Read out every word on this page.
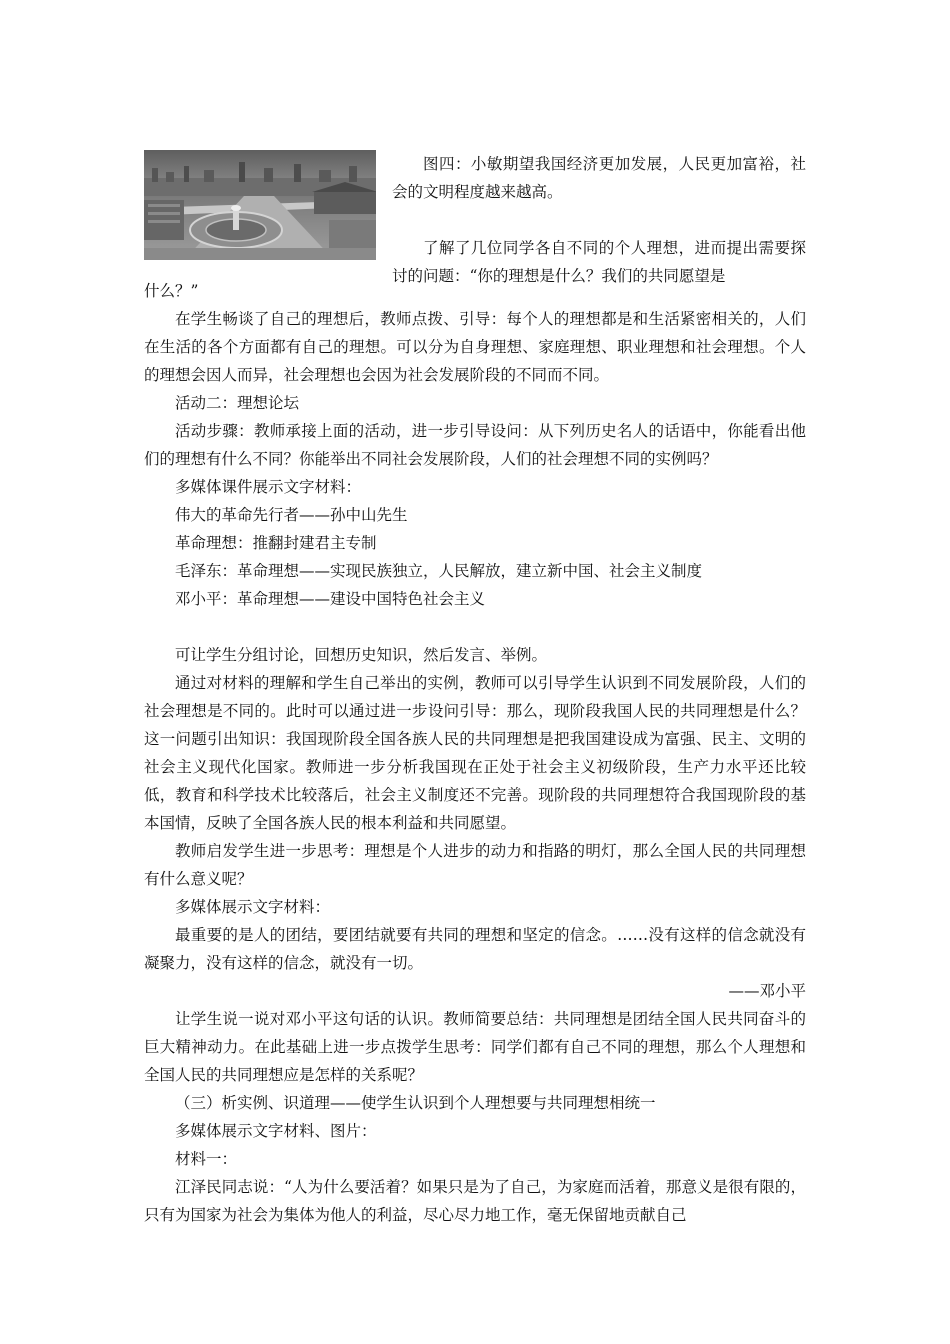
图四：小敏期望我国经济更加发展，人民更加富裕，社会的文明程度越来越高。

了解了几位同学各自不同的个人理想，进而提出需要探讨的问题：“你的理想是什么？我们的共同愿望是

什么？”

在学生畅谈了自己的理想后，教师点拨、引导：每个人的理想都是和生活紧密相关的，人们在生活的各个方面都有自己的理想。可以分为自身理想、家庭理想、职业理想和社会理想。个人的理想会因人而异，社会理想也会因为社会发展阶段的不同而不同。

活动二：理想论坛

活动步骤：教师承接上面的活动，进一步引导设问：从下列历史名人的话语中，你能看出他们的理想有什么不同？你能举出不同社会发展阶段，人们的社会理想不同的实例吗？

多媒体课件展示文字材料：

伟大的革命先行者——孙中山先生

革命理想：推翻封建君主专制

毛泽东：革命理想——实现民族独立，人民解放，建立新中国、社会主义制度

邓小平：革命理想——建设中国特色社会主义

可让学生分组讨论，回想历史知识，然后发言、举例。

通过对材料的理解和学生自己举出的实例，教师可以引导学生认识到不同发展阶段，人们的社会理想是不同的。此时可以通过进一步设问引导：那么，现阶段我国人民的共同理想是什么？这一问题引出知识：我国现阶段全国各族人民的共同理想是把我国建设成为富强、民主、文明的社会主义现代化国家。教师进一步分析我国现在正处于社会主义初级阶段，生产力水平还比较低，教育和科学技术比较落后，社会主义制度还不完善。现阶段的共同理想符合我国现阶段的基本国情，反映了全国各族人民的根本利益和共同愿望。

教师启发学生进一步思考：理想是个人进步的动力和指路的明灯，那么全国人民的共同理想有什么意义呢？

多媒体展示文字材料：

最重要的是人的团结，要团结就要有共同的理想和坚定的信念。……没有这样的信念就没有凝聚力，没有这样的信念，就没有一切。

——邓小平

让学生说一说对邓小平这句话的认识。教师简要总结：共同理想是团结全国人民共同奋斗的巨大精神动力。在此基础上进一步点拨学生思考：同学们都有自己不同的理想，那么个人理想和全国人民的共同理想应是怎样的关系呢？

（三）析实例、识道理——使学生认识到个人理想要与共同理想相统一

多媒体展示文字材料、图片：

材料一：

江泽民同志说：“人为什么要活着？如果只是为了自己，为家庭而活着，那意义是很有限的，只有为国家为社会为集体为他人的利益，尽心尽力地工作，毫无保留地贡献自己
